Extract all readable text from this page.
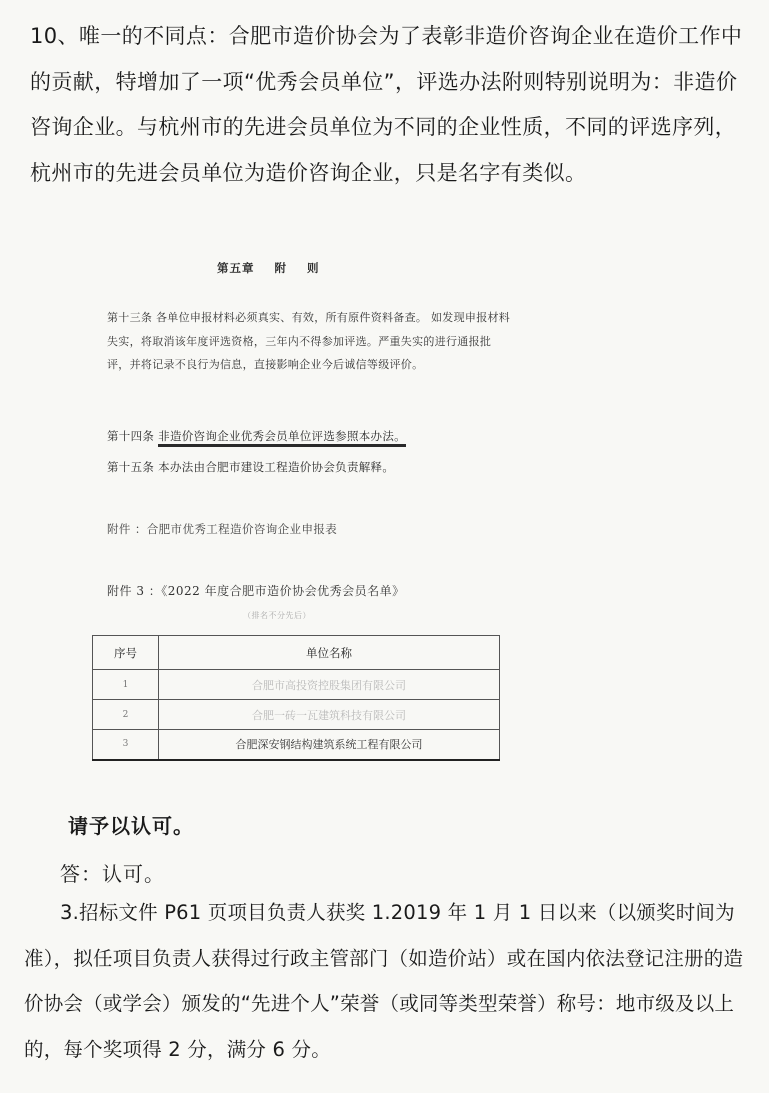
10、唯一的不同点：合肥市造价协会为了表彰非造价咨询企业在造价工作中的贡献，特增加了一项“优秀会员单位”，评选办法附则特别说明为：非造价咨询企业。与杭州市的先进会员单位为不同的企业性质，不同的评选序列，杭州市的先进会员单位为造价咨询企业，只是名字有类似。

第五章    附    则

第十三条 各单位申报材料必须真实、有效，所有原件资料备查。 如发现申报材料失实，将取消该年度评选资格，三年内不得参加评选。严重失实的进行通报批评，并将记录不良行为信息，直接影响企业今后诚信等级评价。

第十四条 非造价咨询企业优秀会员单位评选参照本办法。
第十五条 本办法由合肥市建设工程造价协会负责解释。
附件 ：合肥市优秀工程造价咨询企业申报表
附件 3 ：《2022 年度合肥市造价协会优秀会员名单》
（排名不分先后）
序号	单位名称
1	合肥市高投资控股集团有限公司
2	合肥一砖一瓦建筑科技有限公司
3	合肥深安钢结构建筑系统工程有限公司
请予以认可。
答：认可。

3.招标文件 P61 页项目负责人获奖 1.2019 年 1 月 1 日以来（以颁奖时间为准），拟任项目负责人获得过行政主管部门（如造价站）或在国内依法登记注册的造价协会（或学会）颁发的“先进个人”荣誉（或同等类型荣誉）称号：地市级及以上的，每个奖项得 2 分，满分 6 分。
